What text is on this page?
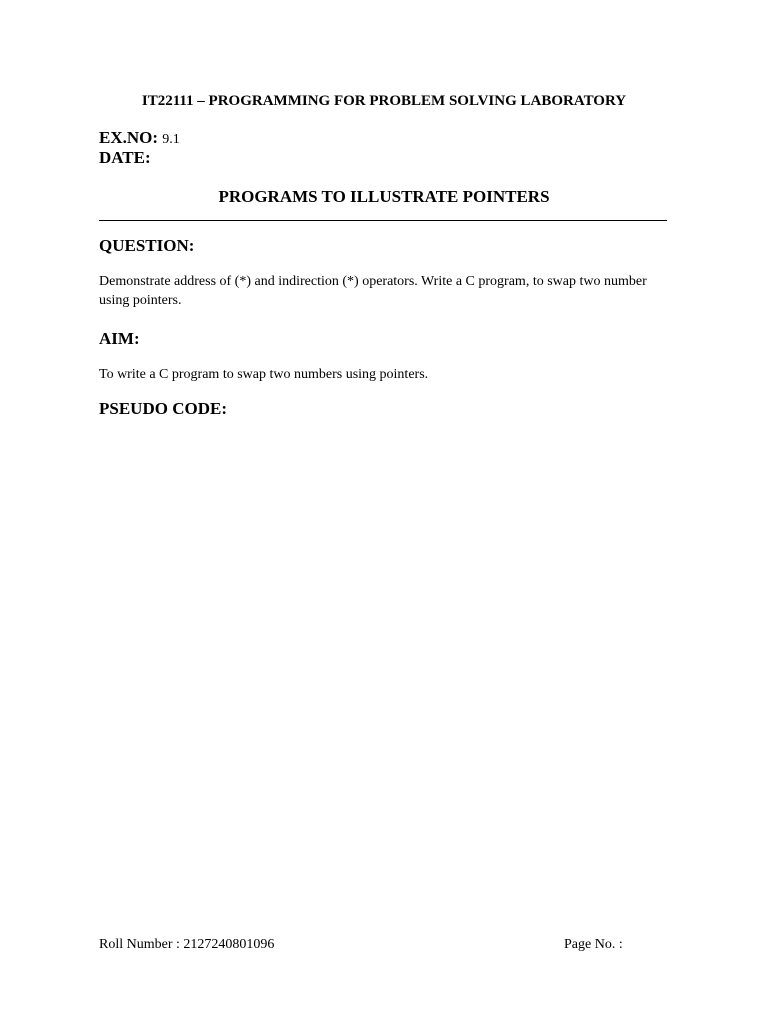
IT22111 – PROGRAMMING FOR PROBLEM SOLVING LABORATORY
EX.NO: 9.1
DATE:
PROGRAMS TO ILLUSTRATE POINTERS
QUESTION:
Demonstrate address of (*) and indirection (*) operators. Write a C program, to swap two number using pointers.
AIM:
To write a C program to swap two numbers using pointers.
PSEUDO CODE:
Roll Number : 2127240801096	Page No. :
